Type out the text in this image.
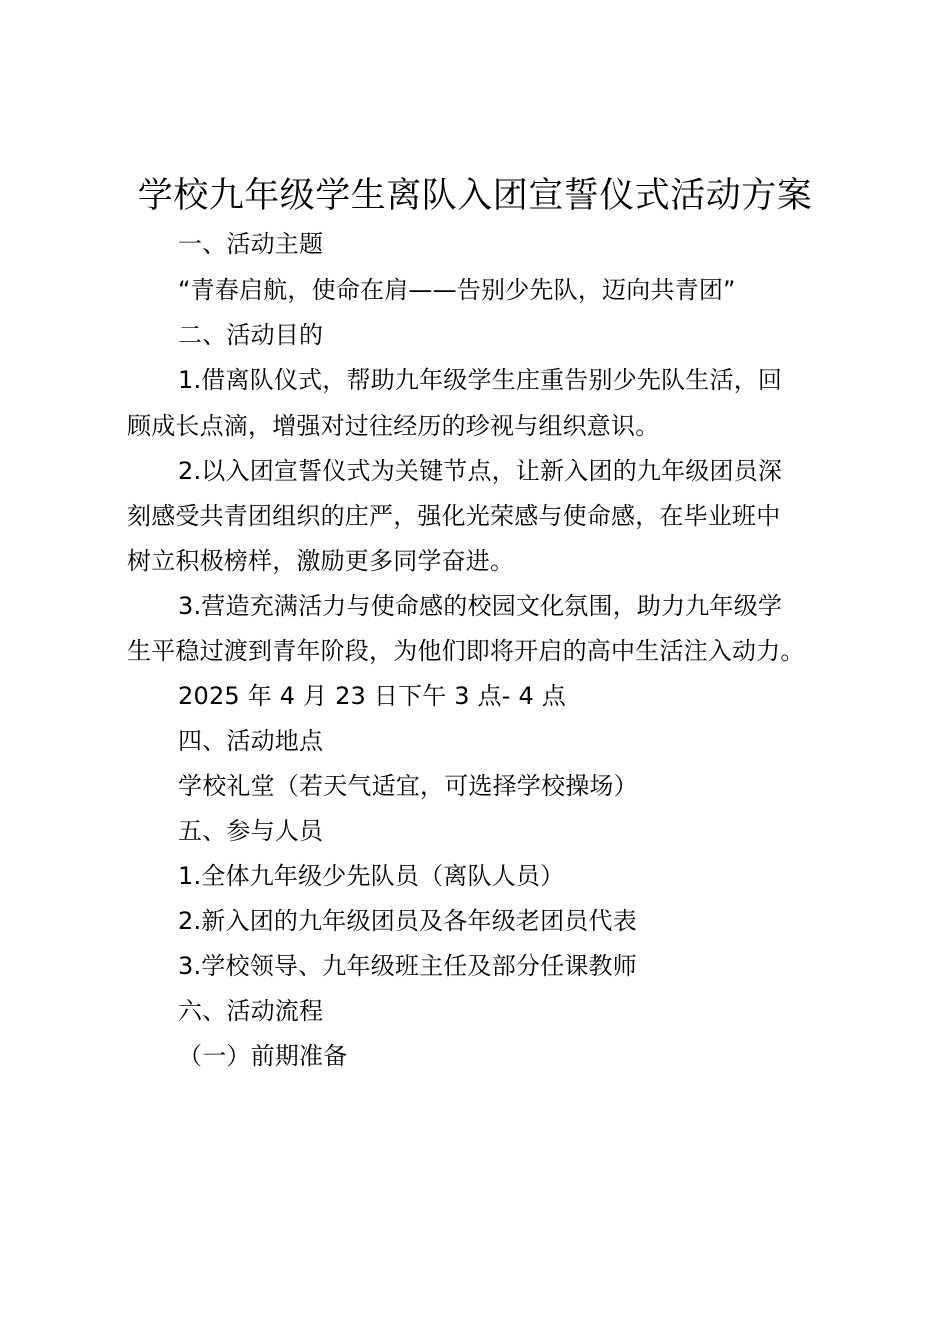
学校九年级学生离队入团宣誓仪式活动方案
一、活动主题
“青春启航，使命在肩——告别少先队，迈向共青团”
二、活动目的
1.借离队仪式，帮助九年级学生庄重告别少先队生活，回
顾成长点滴，增强对过往经历的珍视与组织意识。
2.以入团宣誓仪式为关键节点，让新入团的九年级团员深
刻感受共青团组织的庄严，强化光荣感与使命感，在毕业班中
树立积极榜样，激励更多同学奋进。
3.营造充满活力与使命感的校园文化氛围，助力九年级学
生平稳过渡到青年阶段，为他们即将开启的高中生活注入动力。
2025 年 4 月 23 日下午 3 点- 4 点
四、活动地点
学校礼堂（若天气适宜，可选择学校操场）
五、参与人员
1.全体九年级少先队员（离队人员）
2.新入团的九年级团员及各年级老团员代表
3.学校领导、九年级班主任及部分任课教师
六、活动流程
（一）前期准备
